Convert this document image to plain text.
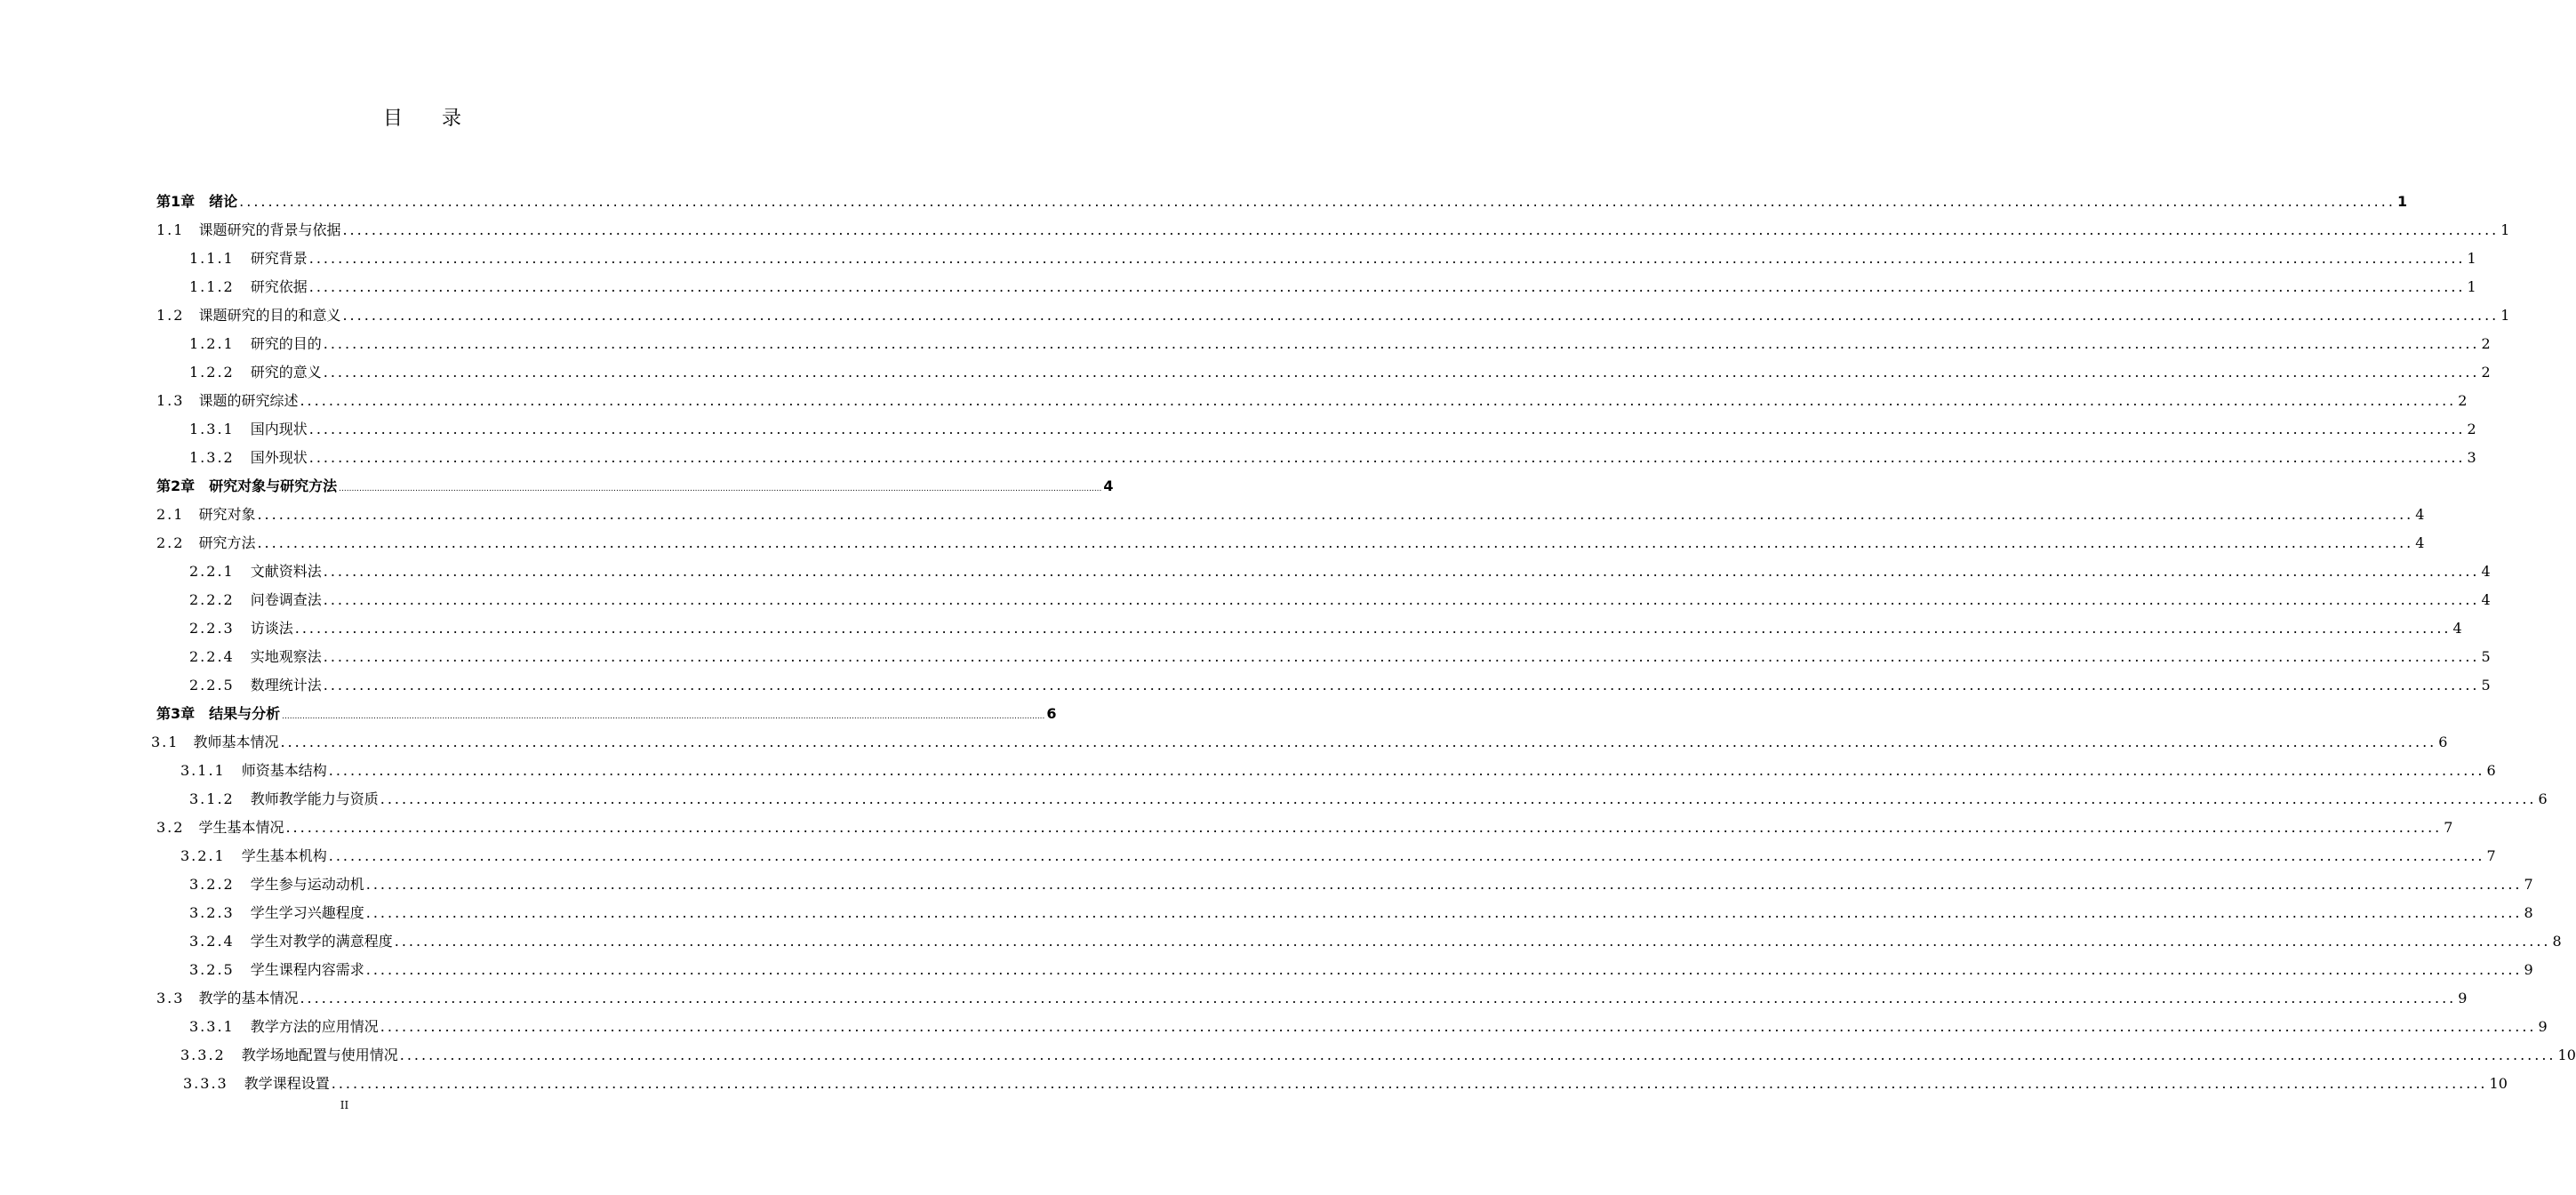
目 录
第1章	绪论 ............................................................................................................................................................................................................................................................................................................ 1
1.1	课题研究的背景与依据 ............................................................................................................................................................................................................................................................................................................ 1
1.1.1	研究背景 ............................................................................................................................................................................................................................................................................................................ 1
1.1.2	研究依据 ............................................................................................................................................................................................................................................................................................................ 1
1.2	课题研究的目的和意义 ............................................................................................................................................................................................................................................................................................................ 1
1.2.1	研究的目的 ............................................................................................................................................................................................................................................................................................................ 2
1.2.2	研究的意义 ............................................................................................................................................................................................................................................................................................................ 2
1.3	课题的研究综述 ............................................................................................................................................................................................................................................................................................................ 2
1.3.1	国内现状 ............................................................................................................................................................................................................................................................................................................ 2
1.3.2	国外现状 ............................................................................................................................................................................................................................................................................................................ 3
第2章	研究对象与研究方法 ............................................................................................................................................................................................................................................................................................................ 4
2.1	研究对象 ............................................................................................................................................................................................................................................................................................................ 4
2.2	研究方法 ............................................................................................................................................................................................................................................................................................................ 4
2.2.1	文献资料法 ............................................................................................................................................................................................................................................................................................................ 4
2.2.2	问卷调查法 ............................................................................................................................................................................................................................................................................................................ 4
2.2.3	访谈法 ............................................................................................................................................................................................................................................................................................................ 4
2.2.4	实地观察法 ............................................................................................................................................................................................................................................................................................................ 5
2.2.5	数理统计法 ............................................................................................................................................................................................................................................................................................................ 5
第3章	结果与分析 ............................................................................................................................................................................................................................................................................................................ 6
3.1	教师基本情况 ............................................................................................................................................................................................................................................................................................................ 6
3.1.1	师资基本结构 ............................................................................................................................................................................................................................................................................................................ 6
3.1.2	教师教学能力与资质 ............................................................................................................................................................................................................................................................................................................ 6
3.2	学生基本情况 ............................................................................................................................................................................................................................................................................................................ 7
3.2.1	学生基本机构 ............................................................................................................................................................................................................................................................................................................ 7
3.2.2	学生参与运动动机 ............................................................................................................................................................................................................................................................................................................ 7
3.2.3	学生学习兴趣程度 ............................................................................................................................................................................................................................................................................................................ 8
3.2.4	学生对教学的满意程度 ............................................................................................................................................................................................................................................................................................................ 8
3.2.5	学生课程内容需求 ............................................................................................................................................................................................................................................................................................................ 9
3.3	教学的基本情况 ............................................................................................................................................................................................................................................................................................................ 9
3.3.1	教学方法的应用情况 ............................................................................................................................................................................................................................................................................................................ 9
3.3.2	教学场地配置与使用情况 ............................................................................................................................................................................................................................................................................................................ 10
3.3.3	教学课程设置 ............................................................................................................................................................................................................................................................................................................ 10
II
